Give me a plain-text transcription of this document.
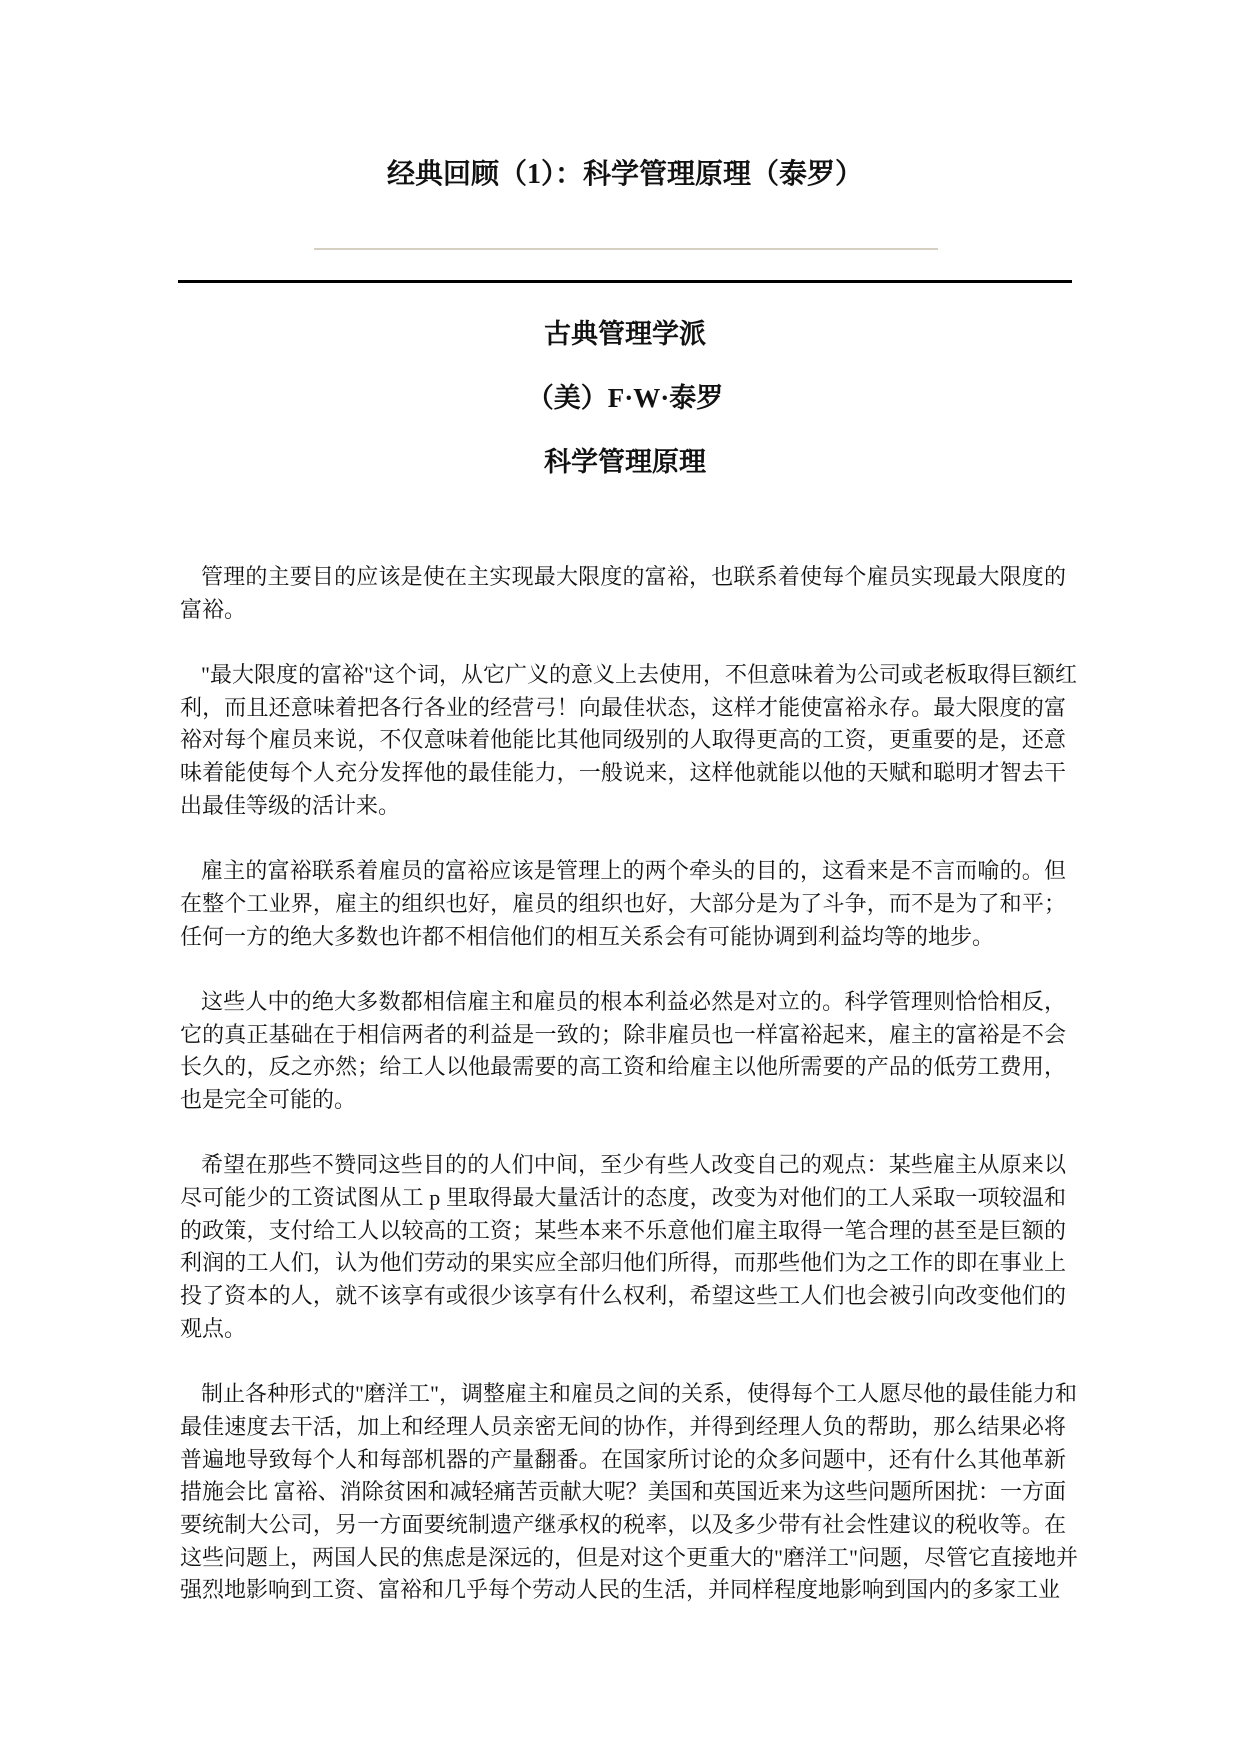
经典回顾（1）：科学管理原理（泰罗）
古典管理学派
（美）F·W·泰罗
科学管理原理
管理的主要目的应该是使在主实现最大限度的富裕，也联系着使每个雇员实现最大限度的
富裕。
"最大限度的富裕"这个词，从它广义的意义上去使用，不但意味着为公司或老板取得巨额红
利，而且还意味着把各行各业的经营弓！向最佳状态，这样才能使富裕永存。最大限度的富
裕对每个雇员来说，不仅意味着他能比其他同级别的人取得更高的工资，更重要的是，还意
味着能使每个人充分发挥他的最佳能力，一般说来，这样他就能以他的天赋和聪明才智去干
出最佳等级的活计来。
雇主的富裕联系着雇员的富裕应该是管理上的两个牵头的目的，这看来是不言而喻的。但
在整个工业界，雇主的组织也好，雇员的组织也好，大部分是为了斗争，而不是为了和平；
任何一方的绝大多数也许都不相信他们的相互关系会有可能协调到利益均等的地步。
这些人中的绝大多数都相信雇主和雇员的根本利益必然是对立的。科学管理则恰恰相反，
它的真正基础在于相信两者的利益是一致的；除非雇员也一样富裕起来，雇主的富裕是不会
长久的，反之亦然；给工人以他最需要的高工资和给雇主以他所需要的产品的低劳工费用，
也是完全可能的。
希望在那些不赞同这些目的的人们中间，至少有些人改变自己的观点：某些雇主从原来以
尽可能少的工资试图从工 p 里取得最大量活计的态度，改变为对他们的工人采取一项较温和
的政策，支付给工人以较高的工资；某些本来不乐意他们雇主取得一笔合理的甚至是巨额的
利润的工人们，认为他们劳动的果实应全部归他们所得，而那些他们为之工作的即在事业上
投了资本的人，就不该享有或很少该享有什么权利，希望这些工人们也会被引向改变他们的
观点。
制止各种形式的"磨洋工"，调整雇主和雇员之间的关系，使得每个工人愿尽他的最佳能力和
最佳速度去干活，加上和经理人员亲密无间的协作，并得到经理人负的帮助，那么结果必将
普遍地导致每个人和每部机器的产量翻番。在国家所讨论的众多问题中，还有什么其他革新
措施会比 富裕、消除贫困和减轻痛苦贡献大呢？美国和英国近来为这些问题所困扰：一方面
要统制大公司，另一方面要统制遗产继承权的税率，以及多少带有社会性建议的税收等。在
这些问题上，两国人民的焦虑是深远的，但是对这个更重大的"磨洋工"问题，尽管它直接地并
强烈地影响到工资、富裕和几乎每个劳动人民的生活，并同样程度地影响到国内的多家工业
